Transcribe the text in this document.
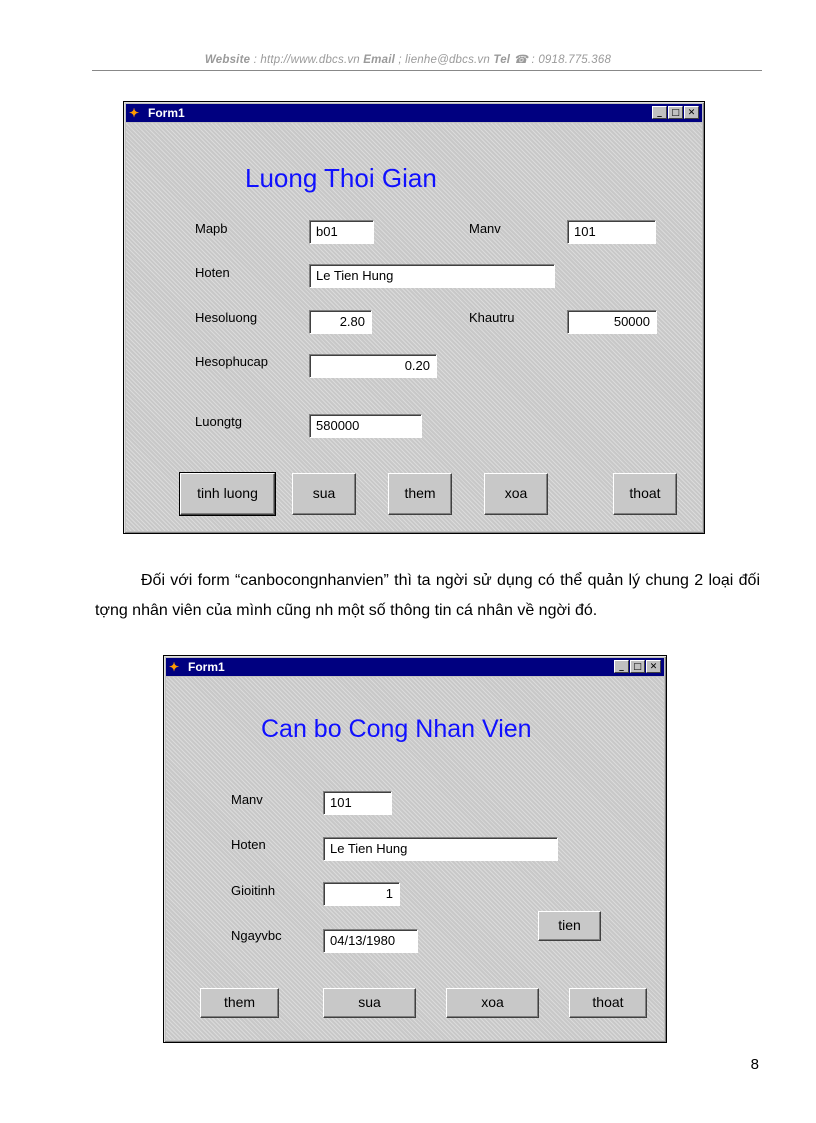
Website : http://www.dbcs.vn Email ; lienhe@dbcs.vn Tel ☎ : 0918.775.368
✦ Form1	_	□ ✕
Luong Thoi Gian
Mapb	b01	Manv	101
Hoten	Le Tien Hung
Hesoluong	2.80	Khautru	50000
Hesophucap	0.20
Luongtg	580000
tinh luong	sua	them	xoa	thoat
Đối với form “canbocongnhanvien” thì ta ngời sử dụng có thể quản lý chung 2 loại đối tợng nhân viên của mình cũng nh một số thông tin cá nhân về ngời đó.
✦ Form1	_	□ ✕
Can bo Cong Nhan Vien
Manv	101
Hoten	Le Tien Hung
Gioitinh	1
tien
Ngayvbc	04/13/1980
them	sua	xoa	thoat
8
